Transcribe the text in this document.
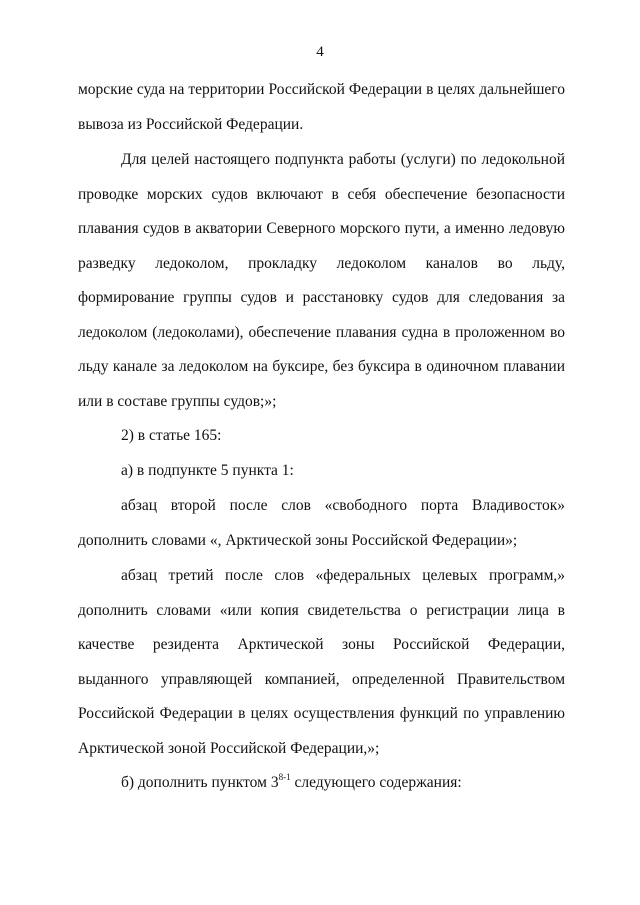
4

морские суда на территории Российской Федерации в целях дальнейшего вывоза из Российской Федерации.

Для целей настоящего подпункта работы (услуги) по ледокольной проводке морских судов включают в себя обеспечение безопасности плавания судов в акватории Северного морского пути, а именно ледовую разведку ледоколом, прокладку ледоколом каналов во льду, формирование группы судов и расстановку судов для следования за ледоколом (ледоколами), обеспечение плавания судна в проложенном во льду канале за ледоколом на буксире, без буксира в одиночном плавании или в составе группы судов;»;

2) в статье 165:

а) в подпункте 5 пункта 1:

абзац второй после слов «свободного порта Владивосток» дополнить словами «, Арктической зоны Российской Федерации»;

абзац третий после слов «федеральных целевых программ,» дополнить словами «или копия свидетельства о регистрации лица в качестве резидента Арктической зоны Российской Федерации, выданного управляющей компанией, определенной Правительством Российской Федерации в целях осуществления функций по управлению Арктической зоной Российской Федерации,»;

б) дополнить пунктом 3$^{8-1}$ следующего содержания:
